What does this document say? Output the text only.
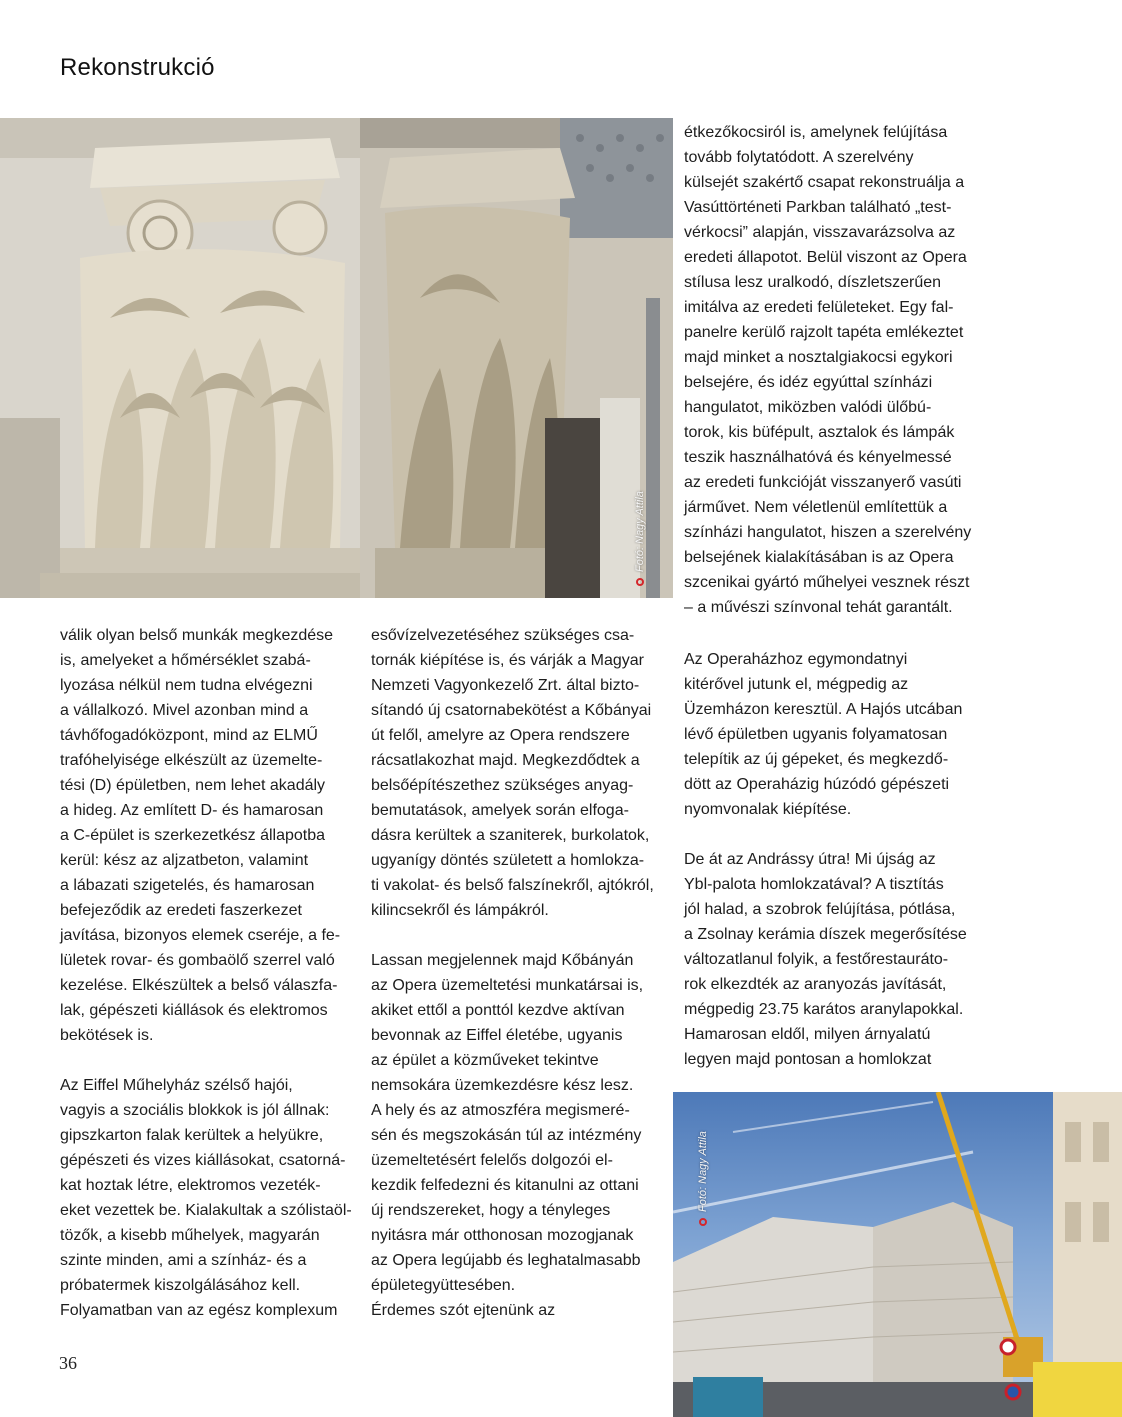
Rekonstrukció
Fotó: Nagy Attila
válik olyan belső munkák megkezdése
is, amelyeket a hőmérséklet szabá-
lyozása nélkül nem tudna elvégezni
a vállalkozó. Mivel azonban mind a
távhőfogadóközpont, mind az ELMŰ
trafóhelyisége elkészült az üzemelte-
tési (D) épületben, nem lehet akadály
a hideg. Az említett D- és hamarosan
a C-épület is szerkezetkész állapotba
kerül: kész az aljzatbeton, valamint
a lábazati szigetelés, és hamarosan
befejeződik az eredeti faszerkezet
javítása, bizonyos elemek cseréje, a fe-
lületek rovar- és gombaölő szerrel való
kezelése. Elkészültek a belső válaszfa-
lak, gépészeti kiállások és elektromos
bekötések is.

Az Eiffel Műhelyház szélső hajói,
vagyis a szociális blokkok is jól állnak:
gipszkarton falak kerültek a helyükre,
gépészeti és vizes kiállásokat, csatorná-
kat hoztak létre, elektromos vezeték-
eket vezettek be. Kialakultak a szólistaöl-
tözők, a kisebb műhelyek, magyarán
szinte minden, ami a színház- és a
próbatermek kiszolgálásához kell.
Folyamatban van az egész komplexum
esővízelvezetéséhez szükséges csa-
tornák kiépítése is, és várják a Magyar
Nemzeti Vagyonkezelő Zrt. által bizto-
sítandó új csatornabekötést a Kőbányai
út felől, amelyre az Opera rendszere
rácsatlakozhat majd. Megkezdődtek a
belsőépítészethez szükséges anyag-
bemutatások, amelyek során elfoga-
dásra kerültek a szaniterek, burkolatok,
ugyanígy döntés született a homlokza-
ti vakolat- és belső falszínekről, ajtókról,
kilincsekről és lámpákról.

Lassan megjelennek majd Kőbányán
az Opera üzemeltetési munkatársai is,
akiket ettől a ponttól kezdve aktívan
bevonnak az Eiffel életébe, ugyanis
az épület a közműveket tekintve
nemsokára üzemkezdésre kész lesz.
A hely és az atmoszféra megismeré-
sén és megszokásán túl az intézmény
üzemeltetésért felelős dolgozói el-
kezdik felfedezni és kitanulni az ottani
új rendszereket, hogy a tényleges
nyitásra már otthonosan mozogjanak
az Opera legújabb és leghatalmasabb
épületegyüttesében.
Érdemes szót ejtenünk az
étkezőkocsiról is, amelynek felújítása
tovább folytatódott. A szerelvény
külsejét szakértő csapat rekonstruálja a
Vasúttörténeti Parkban található „test-
vérkocsi” alapján, visszavarázsolva az
eredeti állapotot. Belül viszont az Opera
stílusa lesz uralkodó, díszletszerűen
imitálva az eredeti felületeket. Egy fal-
panelre kerülő rajzolt tapéta emlékeztet
majd minket a nosztalgiakocsi egykori
belsejére, és idéz egyúttal színházi
hangulatot, miközben valódi ülőbú-
torok, kis büfépult, asztalok és lámpák
teszik használhatóvá és kényelmessé
az eredeti funkcióját visszanyerő vasúti
járművet. Nem véletlenül említettük a
színházi hangulatot, hiszen a szerelvény
belsejének kialakításában is az Opera
szcenikai gyártó műhelyei vesznek részt
– a művészi színvonal tehát garantált.
Az Operaházhoz egymondatnyi
kitérővel jutunk el, mégpedig az
Üzemházon keresztül. A Hajós utcában
lévő épületben ugyanis folyamatosan
telepítik az új gépeket, és megkezdő-
dött az Operaházig húzódó gépészeti
nyomvonalak kiépítése.
De át az Andrássy útra! Mi újság az
Ybl-palota homlokzatával? A tisztítás
jól halad, a szobrok felújítása, pótlása,
a Zsolnay kerámia díszek megerősítése
változatlanul folyik, a festőrestauráto-
rok elkezdték az aranyozás javítását,
mégpedig 23.75 karátos aranylapokkal.
Hamarosan eldől, milyen árnyalatú
legyen majd pontosan a homlokzat
Fotó: Nagy Attila
36
